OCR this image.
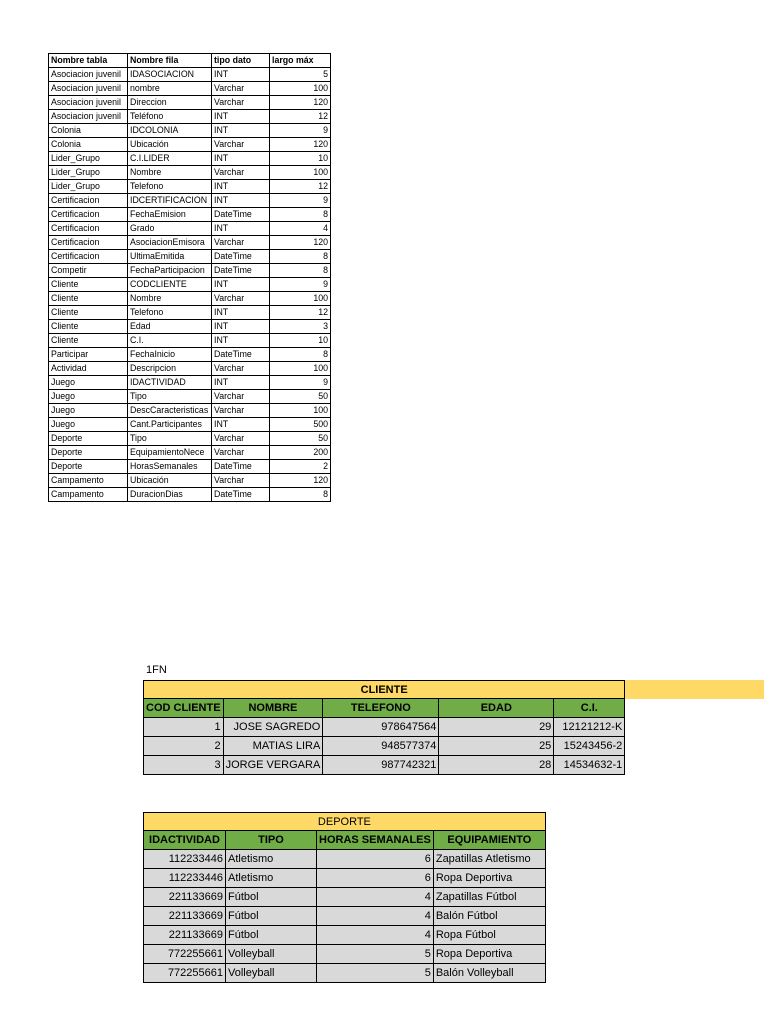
Nombre tabla	Nombre fila	tipo dato	largo máx
Asociacion juvenil	IDASOCIACION	INT	5
Asociacion juvenil	nombre	Varchar	100
Asociacion juvenil	Direccion	Varchar	120
Asociacion juvenil	Teléfono	INT	12
Colonia	IDCOLONIA	INT	9
Colonia	Ubicación	Varchar	120
Lider_Grupo	C.I.LIDER	INT	10
Lider_Grupo	Nombre	Varchar	100
Lider_Grupo	Telefono	INT	12
Certificacion	IDCERTIFICACION	INT	9
Certificacion	FechaEmision	DateTime	8
Certificacion	Grado	INT	4
Certificacion	AsociacionEmisora	Varchar	120
Certificacion	UltimaEmitida	DateTime	8
Competir	FechaParticipacion	DateTime	8
Cliente	CODCLIENTE	INT	9
Cliente	Nombre	Varchar	100
Cliente	Telefono	INT	12
Cliente	Edad	INT	3
Cliente	C.I.	INT	10
Participar	FechaInicio	DateTime	8
Actividad	Descripcion	Varchar	100
Juego	IDACTIVIDAD	INT	9
Juego	Tipo	Varchar	50
Juego	DescCaracteristicas	Varchar	100
Juego	Cant.Participantes	INT	500
Deporte	Tipo	Varchar	50
Deporte	EquipamientoNece	Varchar	200
Deporte	HorasSemanales	DateTime	2
Campamento	Ubicación	Varchar	120
Campamento	DuracionDias	DateTime	8
1FN
CLIENTE					
COD CLIENTE	NOMBRE	TELEFONO	EDAD	C.I.	
1	JOSE SAGREDO	978647564	29	12121212-K	
2	MATIAS LIRA	948577374	25	15243456-2	
3	JORGE VERGARA	987742321	28	14534632-1	
DEPORTE			
IDACTIVIDAD	TIPO	HORAS SEMANALES	EQUIPAMIENTO
112233446	Atletismo	6	Zapatillas Atletismo
112233446	Atletismo	6	Ropa Deportiva
221133669	Fútbol	4	Zapatillas Fútbol
221133669	Fútbol	4	Balón Fútbol
221133669	Fútbol	4	Ropa Fútbol
772255661	Volleyball	5	Ropa Deportiva
772255661	Volleyball	5	Balón Volleyball
